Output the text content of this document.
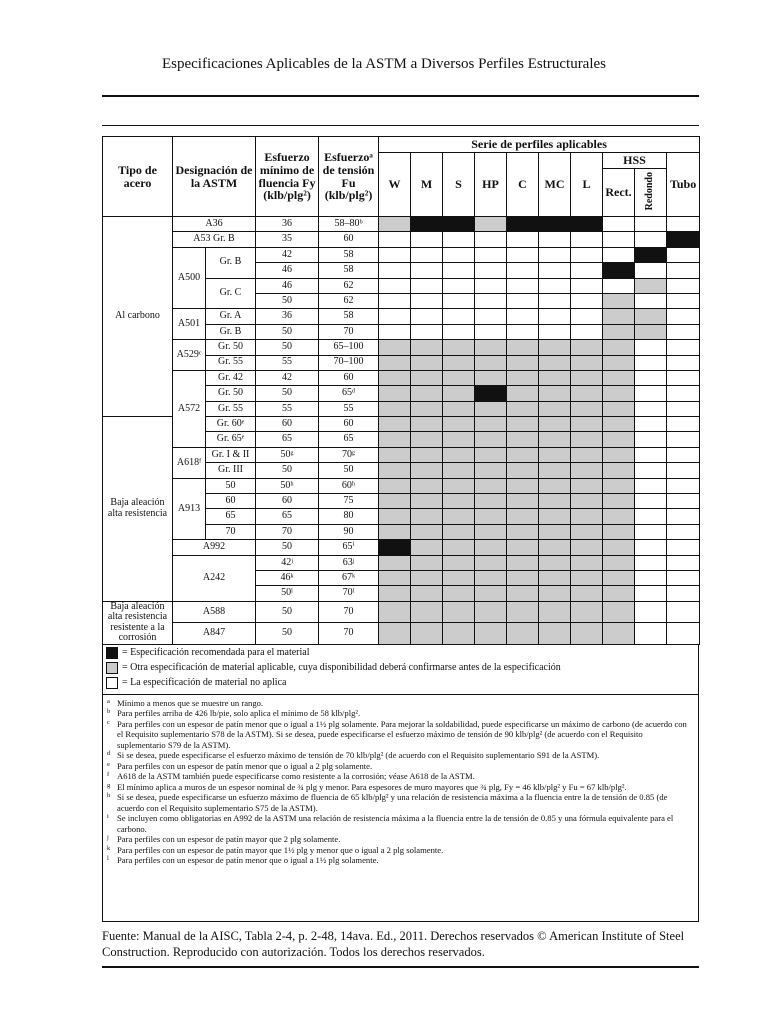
Especificaciones Aplicables de la ASTM a Diversos Perfiles Estructurales
Tipo de acero	Designación de la ASTM		Esfuerzo mínimo de fluencia Fy (klb/plg²)	Esfuerzoᵃ de tensión Fu (klb/plg²)	Serie de perfiles aplicables									
					W	M	S	HP	C	MC	L	HSS		Tubo
												Rect.	Redondo	
Al carbono	A36		36	58–80ᵇ										
	A53 Gr. B		35	60										
	A500	Gr. B	42	58										
			46	58										
		Gr. C	46	62										
			50	62										
	A501	Gr. A	36	58										
		Gr. B	50	70										
	A529ᶜ	Gr. 50	50	65–100										
		Gr. 55	55	70–100										
	A572	Gr. 42	42	60										
		Gr. 50	50	65ᵈ										
		Gr. 55	55	55										
Baja aleación alta resistencia		Gr. 60ᵉ	60	60										
		Gr. 65ᵉ	65	65										
	A618ᶠ	Gr. I & II	50ᵍ	70ᵍ										
		Gr. III	50	50										
	A913	50	50ʰ	60ʰ										
		60	60	75										
		65	65	80										
		70	70	90										
	A992		50	65ⁱ										
	A242		42ʲ	63ʲ										
			46ᵏ	67ᵏ										
			50ˡ	70ˡ										
Baja aleación alta resistencia resistente a la corrosión	A588		50	70										
	A847		50	70										
= Especificación recomendada para el material
= Otra especificación de material aplicable, cuya disponibilidad deberá confirmarse antes de la especificación
= La especificación de material no aplica
a Mínimo a menos que se muestre un rango.
b Para perfiles arriba de 426 lb/pie, solo aplica el mínimo de 58 klb/plg².
c Para perfiles con un espesor de patín menor que o igual a 1½ plg solamente. Para mejorar la soldabilidad, puede especificarse un máximo de carbono (de acuerdo con el Requisito suplementario S78 de la ASTM). Si se desea, puede especificarse el esfuerzo máximo de tensión de 90 klb/plg² (de acuerdo con el Requisito suplementario S79 de la ASTM).
d Si se desea, puede especificarse el esfuerzo máximo de tensión de 70 klb/plg² (de acuerdo con el Requisito suplementario S91 de la ASTM).
e Para perfiles con un espesor de patín menor que o igual a 2 plg solamente.
f A618 de la ASTM también puede especificarse como resistente a la corrosión; véase A618 de la ASTM.
g El mínimo aplica a muros de un espesor nominal de ¾ plg y menor. Para espesores de muro mayores que ¾ plg, Fy = 46 klb/plg² y Fu = 67 klb/plg².
h Si se desea, puede especificarse un esfuerzo máximo de fluencia de 65 klb/plg² y una relación de resistencia máxima a la fluencia entre la de tensión de 0.85 (de acuerdo con el Requisito suplementario S75 de la ASTM).
i Se incluyen como obligatorias en A992 de la ASTM una relación de resistencia máxima a la fluencia entre la de tensión de 0.85 y una fórmula equivalente para el carbono.
j Para perfiles con un espesor de patín mayor que 2 plg solamente.
k Para perfiles con un espesor de patín mayor que 1½ plg y menor que o igual a 2 plg solamente.
l Para perfiles con un espesor de patín menor que o igual a 1½ plg solamente.
Fuente: Manual de la AISC, Tabla 2-4, p. 2-48, 14ava. Ed., 2011. Derechos reservados © American Institute of Steel Construction. Reproducido con autorización. Todos los derechos reservados.
